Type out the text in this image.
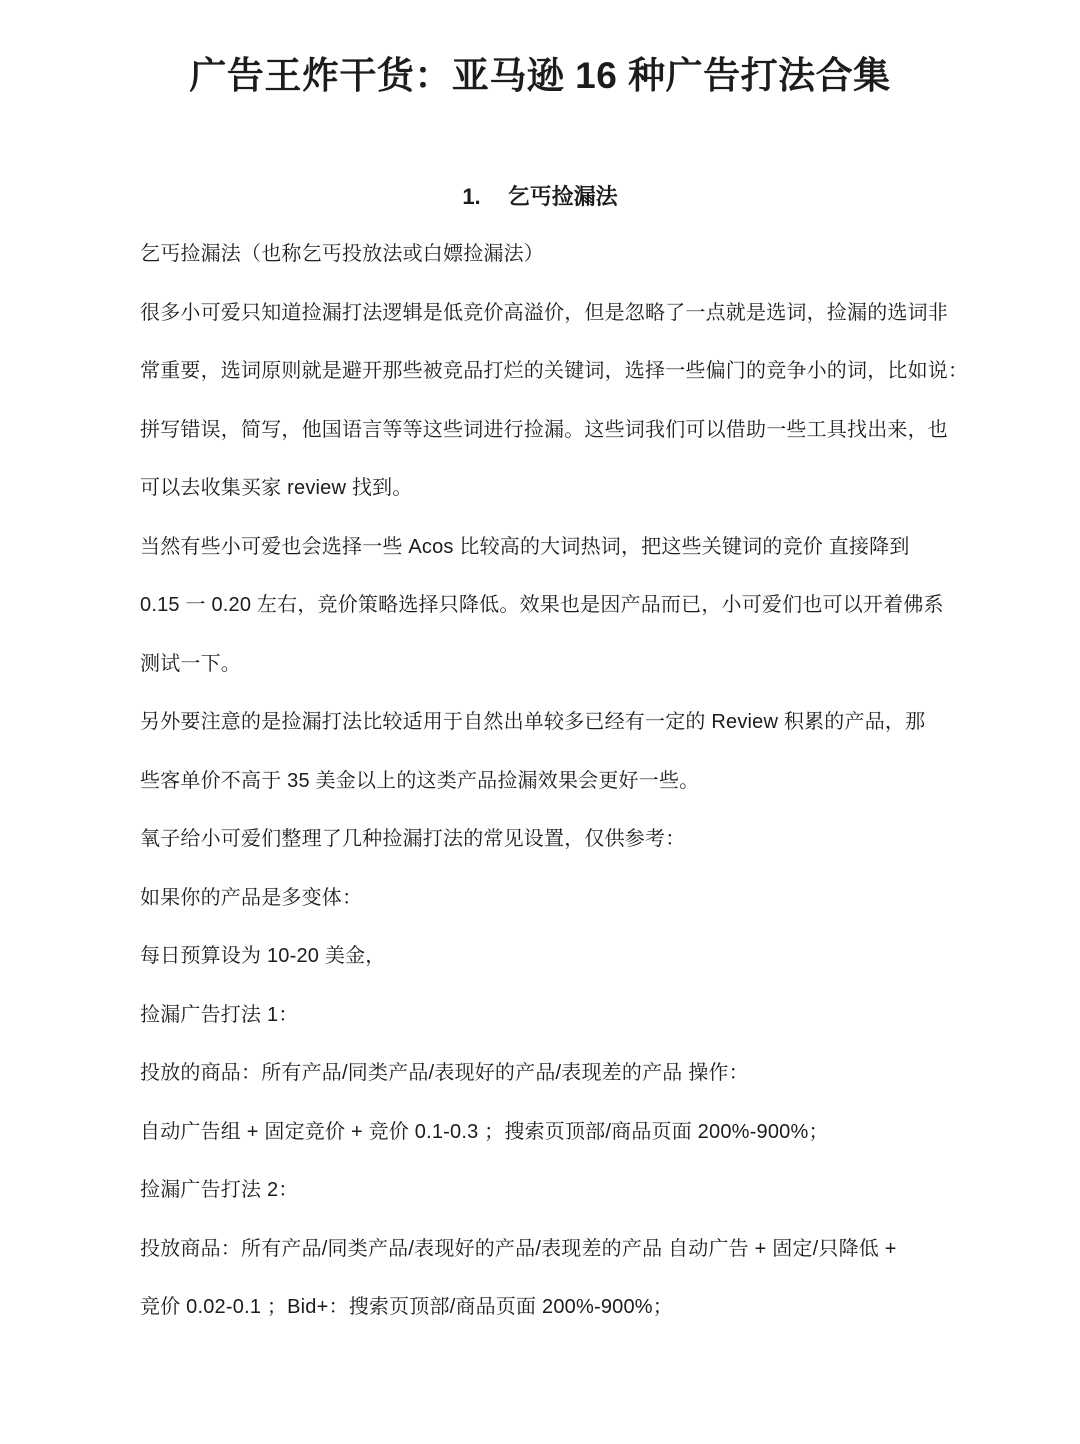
广告王炸干货：亚马逊 16 种广告打法合集
1. 乞丐捡漏法
乞丐捡漏法（也称乞丐投放法或白嫖捡漏法）
很多小可爱只知道捡漏打法逻辑是低竞价高溢价，但是忽略了一点就是选词，捡漏的选词非
常重要，选词原则就是避开那些被竞品打烂的关键词，选择一些偏门的竞争小的词，比如说：
拼写错误，简写，他国语言等等这些词进行捡漏。这些词我们可以借助一些工具找出来，也
可以去收集买家 review 找到。
当然有些小可爱也会选择一些 Acos 比较高的大词热词，把这些关键词的竞价 直接降到
0.15 一 0.20 左右，竞价策略选择只降低。效果也是因产品而已，小可爱们也可以开着佛系
测试一下。
另外要注意的是捡漏打法比较适用于自然出单较多已经有一定的 Review 积累的产品，那
些客单价不高于 35 美金以上的这类产品捡漏效果会更好一些。
氧子给小可爱们整理了几种捡漏打法的常见设置，仅供参考：
如果你的产品是多变体：
每日预算设为 10-20 美金，
捡漏广告打法 1：
投放的商品：所有产品/同类产品/表现好的产品/表现差的产品 操作：
自动广告组 + 固定竞价 + 竞价 0.1-0.3 ；搜索页顶部/商品页面 200%-900%；
捡漏广告打法 2：
投放商品：所有产品/同类产品/表现好的产品/表现差的产品 自动广告 + 固定/只降低 +
竞价 0.02-0.1 ；Bid+：搜索页顶部/商品页面 200%-900%；
